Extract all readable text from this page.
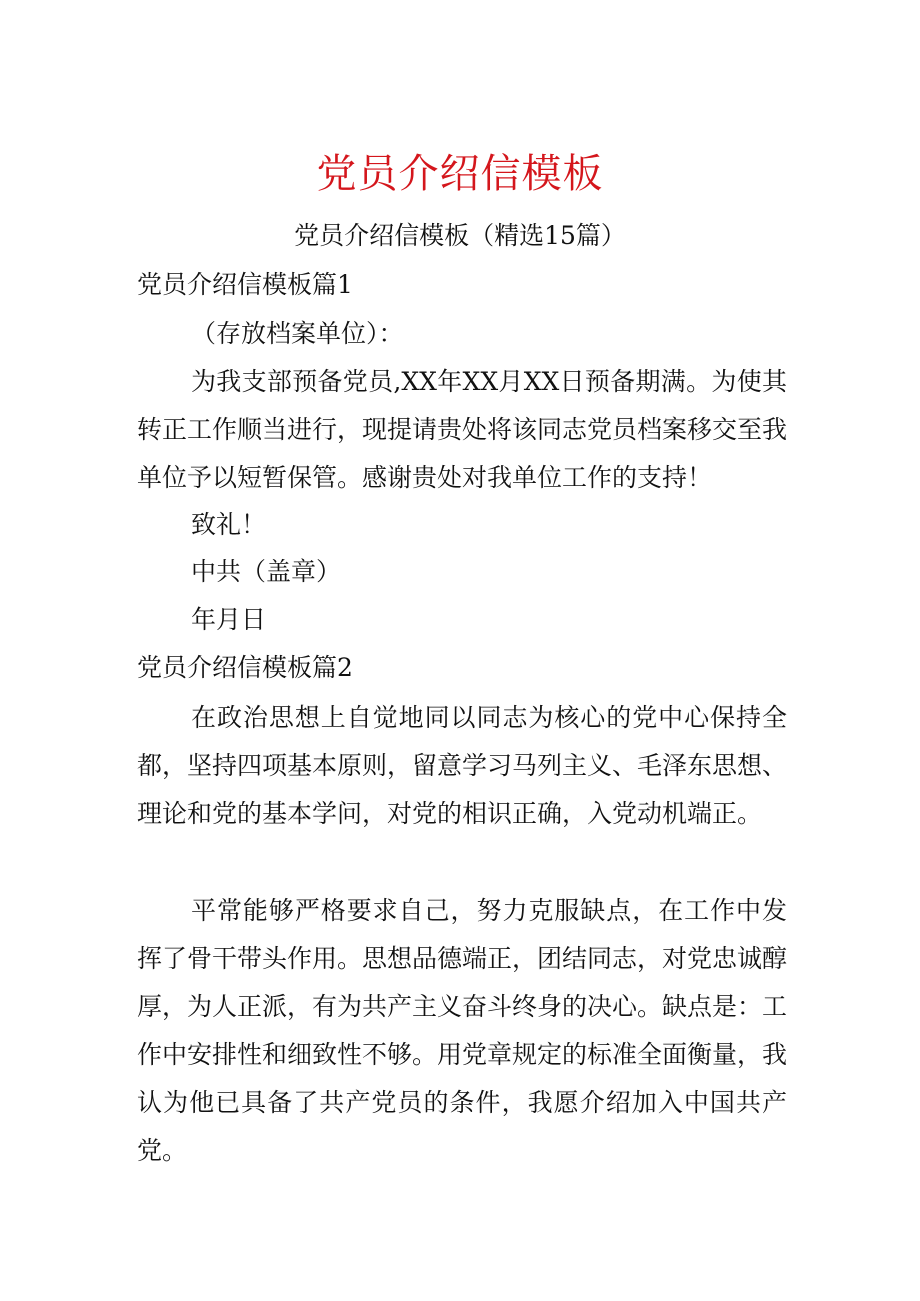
党员介绍信模板
党员介绍信模板（精选15篇）
党员介绍信模板篇1
（存放档案单位）：
为我支部预备党员,XX年XX月XX日预备期满。为使其转正工作顺当进行，现提请贵处将该同志党员档案移交至我单位予以短暂保管。感谢贵处对我单位工作的支持！
致礼！
中共（盖章）
年月日
党员介绍信模板篇2
在政治思想上自觉地同以同志为核心的党中心保持全都，坚持四项基本原则，留意学习马列主义、毛泽东思想、理论和党的基本学问，对党的相识正确，入党动机端正。
平常能够严格要求自己，努力克服缺点，在工作中发挥了骨干带头作用。思想品德端正，团结同志，对党忠诚醇厚，为人正派，有为共产主义奋斗终身的决心。缺点是：工作中安排性和细致性不够。用党章规定的标准全面衡量，我认为他已具备了共产党员的条件，我愿介绍加入中国共产党。
